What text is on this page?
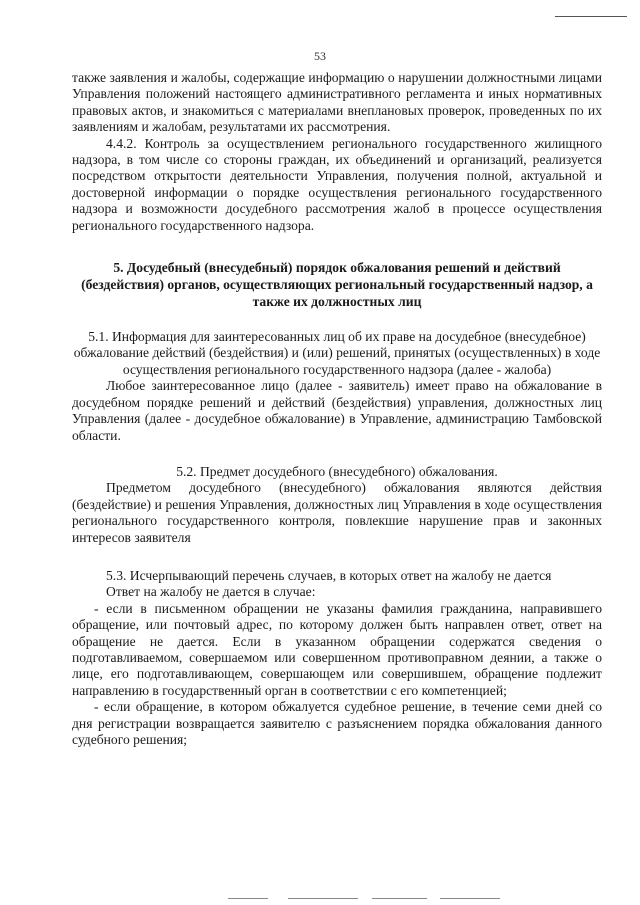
53

также заявления и жалобы, содержащие информацию о нарушении должностными лицами Управления положений настоящего административного регламента и иных нормативных правовых актов, и знакомиться с материалами внеплановых проверок, проведенных по их заявлениям и жалобам, результатами их рассмотрения.

4.4.2. Контроль за осуществлением регионального государственного жилищного надзора, в том числе со стороны граждан, их объединений и организаций, реализуется посредством открытости деятельности Управления, получения полной, актуальной и достоверной информации о порядке осуществления регионального государственного надзора и возможности досудебного рассмотрения жалоб в процессе осуществления регионального государственного надзора.

5. Досудебный (внесудебный) порядок обжалования решений и действий (бездействия) органов, осуществляющих региональный государственный надзор, а также их должностных лиц

5.1. Информация для заинтересованных лиц об их праве на досудебное (внесудебное) обжалование действий (бездействия) и (или) решений, принятых (осуществленных) в ходе осуществления регионального государственного надзора (далее - жалоба)

Любое заинтересованное лицо (далее - заявитель) имеет право на обжалование в досудебном порядке решений и действий (бездействия) управления, должностных лиц Управления (далее - досудебное обжалование) в Управление, администрацию Тамбовской области.

5.2. Предмет досудебного (внесудебного) обжалования.

Предметом досудебного (внесудебного) обжалования являются действия (бездействие) и решения Управления, должностных лиц Управления в ходе осуществления регионального государственного контроля, повлекшие нарушение прав и законных интересов заявителя

5.3. Исчерпывающий перечень случаев, в которых ответ на жалобу не дается

Ответ на жалобу не дается в случае:

- если в письменном обращении не указаны фамилия гражданина, направившего обращение, или почтовый адрес, по которому должен быть направлен ответ, ответ на обращение не дается. Если в указанном обращении содержатся сведения о подготавливаемом, совершаемом или совершенном противоправном деянии, а также о лице, его подготавливающем, совершающем или совершившем, обращение подлежит направлению в государственный орган в соответствии с его компетенцией;

- если обращение, в котором обжалуется судебное решение, в течение семи дней со дня регистрации возвращается заявителю с разъяснением порядка обжалования данного судебного решения;
